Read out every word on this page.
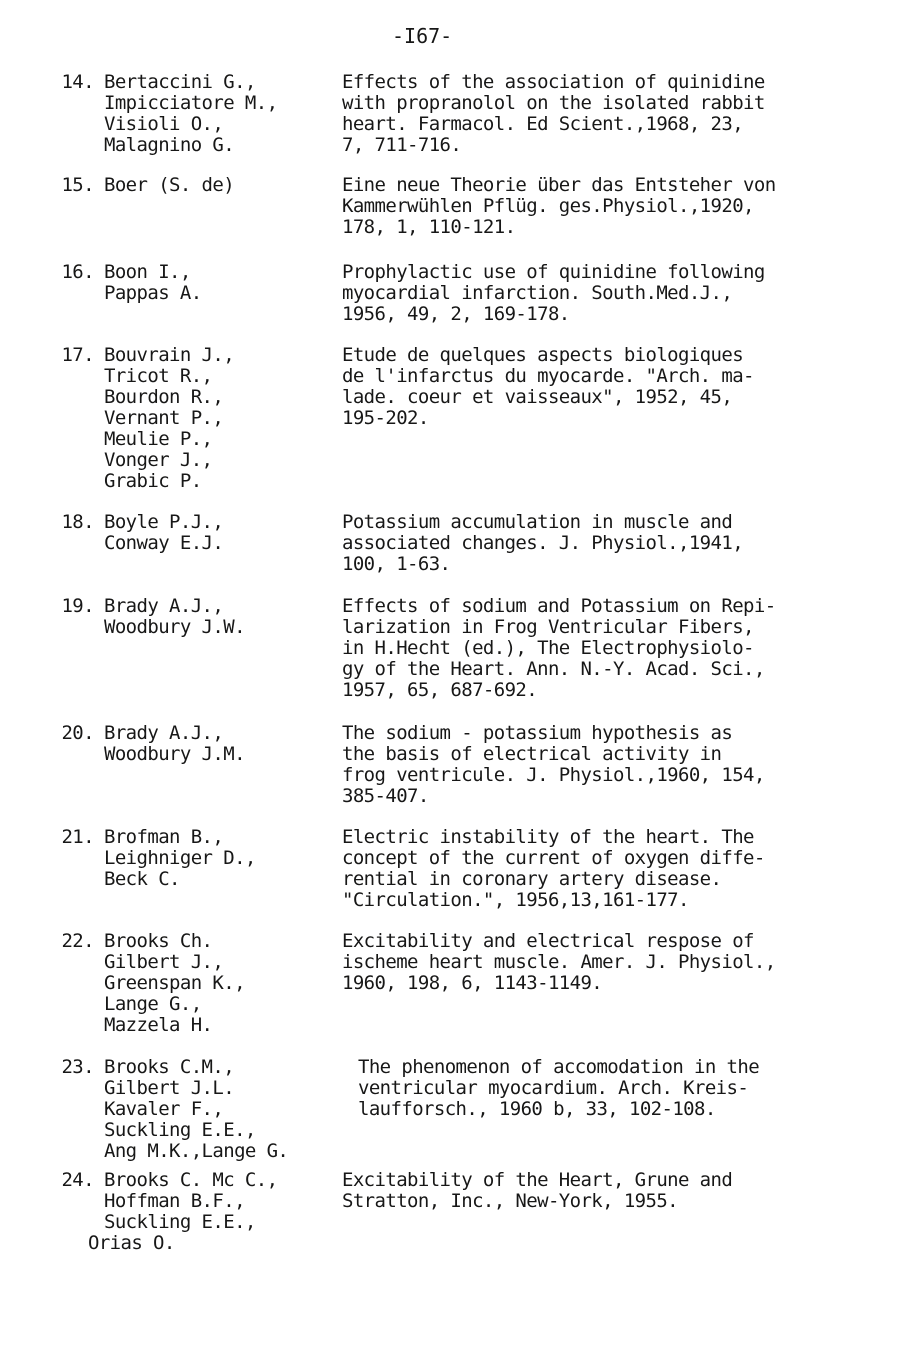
-I67-
14. Bertaccini G.,
Impicciatore M.,
Visioli O.,
Malagnino G.
Effects of the association of quinidine
with propranolol on the isolated rabbit
heart. Farmacol. Ed Scient.,1968, 23,
7, 711-716.
15. Boer (S. de)	Eine neue Theorie über das Entsteher von
Kammerwühlen Pflüg. ges.Physiol.,1920,
178, 1, 110-121.
16. Boon I.,
Pappas A.
Prophylactic use of quinidine following
myocardial infarction. South.Med.J.,
1956, 49, 2, 169-178.
17. Bouvrain J.,
Tricot R.,
Bourdon R.,
Vernant P.,
Meulie P.,
Vonger J.,
Grabic P.
Etude de quelques aspects biologiques
de l'infarctus du myocarde. "Arch. ma-
lade. coeur et vaisseaux", 1952, 45,
195-202.
18. Boyle P.J.,
Conway E.J.
Potassium accumulation in muscle and
associated changes. J. Physiol.,1941,
100, 1-63.
19. Brady A.J.,
Woodbury J.W.
Effects of sodium and Potassium on Repi-
larization in Frog Ventricular Fibers,
in H.Hecht (ed.), The Electrophysiolo-
gy of the Heart. Ann. N.-Y. Acad. Sci.,
1957, 65, 687-692.
20. Brady A.J.,
Woodbury J.M.
The sodium - potassium hypothesis as
the basis of electrical activity in
frog ventricule. J. Physiol.,1960, 154,
385-407.
21. Brofman B.,
Leighniger D.,
Beck C.
Electric instability of the heart. The
concept of the current of oxygen diffe-
rential in coronary artery disease.
"Circulation.", 1956,13,161-177.
22. Brooks Ch.
Gilbert J.,
Greenspan K.,
Lange G.,
Mazzela H.
Excitability and electrical respose of
ischeme heart muscle. Amer. J. Physiol.,
1960, 198, 6, 1143-1149.
23. Brooks C.M.,
Gilbert J.L.
Kavaler F.,
Suckling E.E.,
Ang M.K.,Lange G.
The phenomenon of accomodation in the
ventricular myocardium. Arch. Kreis-
laufforsch., 1960 b, 33, 102-108.
24. Brooks C. Mc C.,
Hoffman B.F.,
Suckling E.E.,
Orias O.
Excitability of the Heart, Grune and
Stratton, Inc., New-York, 1955.
